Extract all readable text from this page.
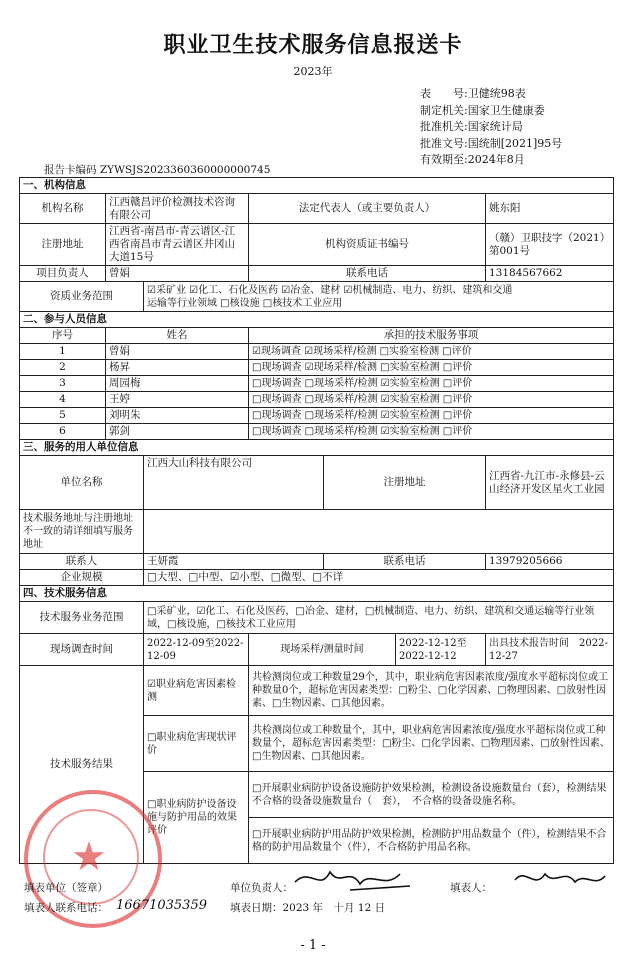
职业卫生技术服务信息报送卡
2023年
表　　号:卫健统98表
制定机关:国家卫生健康委
批准机关:国家统计局
批准文号:国统制[2021]95号
有效期至:2024年8月
报告卡编码 ZYWSJS2023360360000000745
一、机构信息						
机构名称	江西赣昌评价检测技术咨询有限公司		法定代表人（或主要负责人）			姚东阳
注册地址	江西省-南昌市-青云谱区-江西省南昌市青云谱区井冈山大道15号		机构资质证书编号			（赣）卫职技字（2021）第001号
项目负责人	曾娟		联系电话			13184567662
资质业务范围		☑采矿业 ☑化工、石化及医药 ☑冶金、建材 ☑机械制造、电力、纺织、建筑和交通
运输等行业领域 □核设施 □核技术工业应用				

二、参与人员信息						
序号	姓名		承担的技术服务事项			
1	曾娟		☑现场调查 ☑现场采样/检测 □实验室检测 □评价			
2	杨昇		□现场调查 ☑现场采样/检测 □实验室检测 □评价			
3	周园梅		□现场调查 □现场采样/检测 ☑实验室检测 □评价			
4	王婷		□现场调查 □现场采样/检测 ☑实验室检测 □评价			
5	刘明朱		□现场调查 □现场采样/检测 ☑实验室检测 □评价			
6	郭剑		□现场调查 □现场采样/检测 ☑实验室检测 □评价			
三、服务的用人单位信息						
单位名称		江西大山科技有限公司		注册地址		江西省-九江市-永修县-云山经济开发区星火工业园
技术服务地址与注册地址不一致的请详细填写服务地址						
联系人		王妍霞		联系电话		13979205666
企业规模		□大型、□中型、☑小型、□微型、□不详				
四、技术服务信息						
技术服务业务范围		□采矿业，☑化工、石化及医药，□冶金、建材，□机械制造、电力、纺织、建筑和交通运输等行业领域，□核设施，□核技术工业应用				
现场调查时间		2022-12-09至2022-12-09	现场采样/测量时间		2022-12-12至2022-12-12	出具技术报告时间　 2022-12-27
技术服务结果		☑职业病危害因素检测	共检测岗位或工种数量29个，其中，职业病危害因素浓度/强度水平超标岗位或工种数量0个，超标危害因素类型：□粉尘、□化学因素、□物理因素、□放射性因素、□生物因素、□其他因素。			
		□职业病危害现状评价	共检测岗位或工种数量个，其中，职业病危害因素浓度/强度水平超标岗位或工种数量个，超标危害因素类型：□粉尘、□化学因素、□物理因素、□放射性因素、□生物因素、□其他因素。			
		□职业病防护设备设施与防护用品的效果评价	□开展职业病防护设备设施防护效果检测，检测设备设施数量台（套），检测结果不合格的设备设施数量台（　套），　不合格的设备设施名称。			
			□开展职业病防护用品防护效果检测，检测防护用品数量个（件），检测结果不合格的防护用品数量个（件），不合格防护用品名称。			
★
填表单位（签章）	单位负责人：	填表人：
填表人联系电话： 16671035359 填表日期：2023 年　十月 12 日
- 1 -
